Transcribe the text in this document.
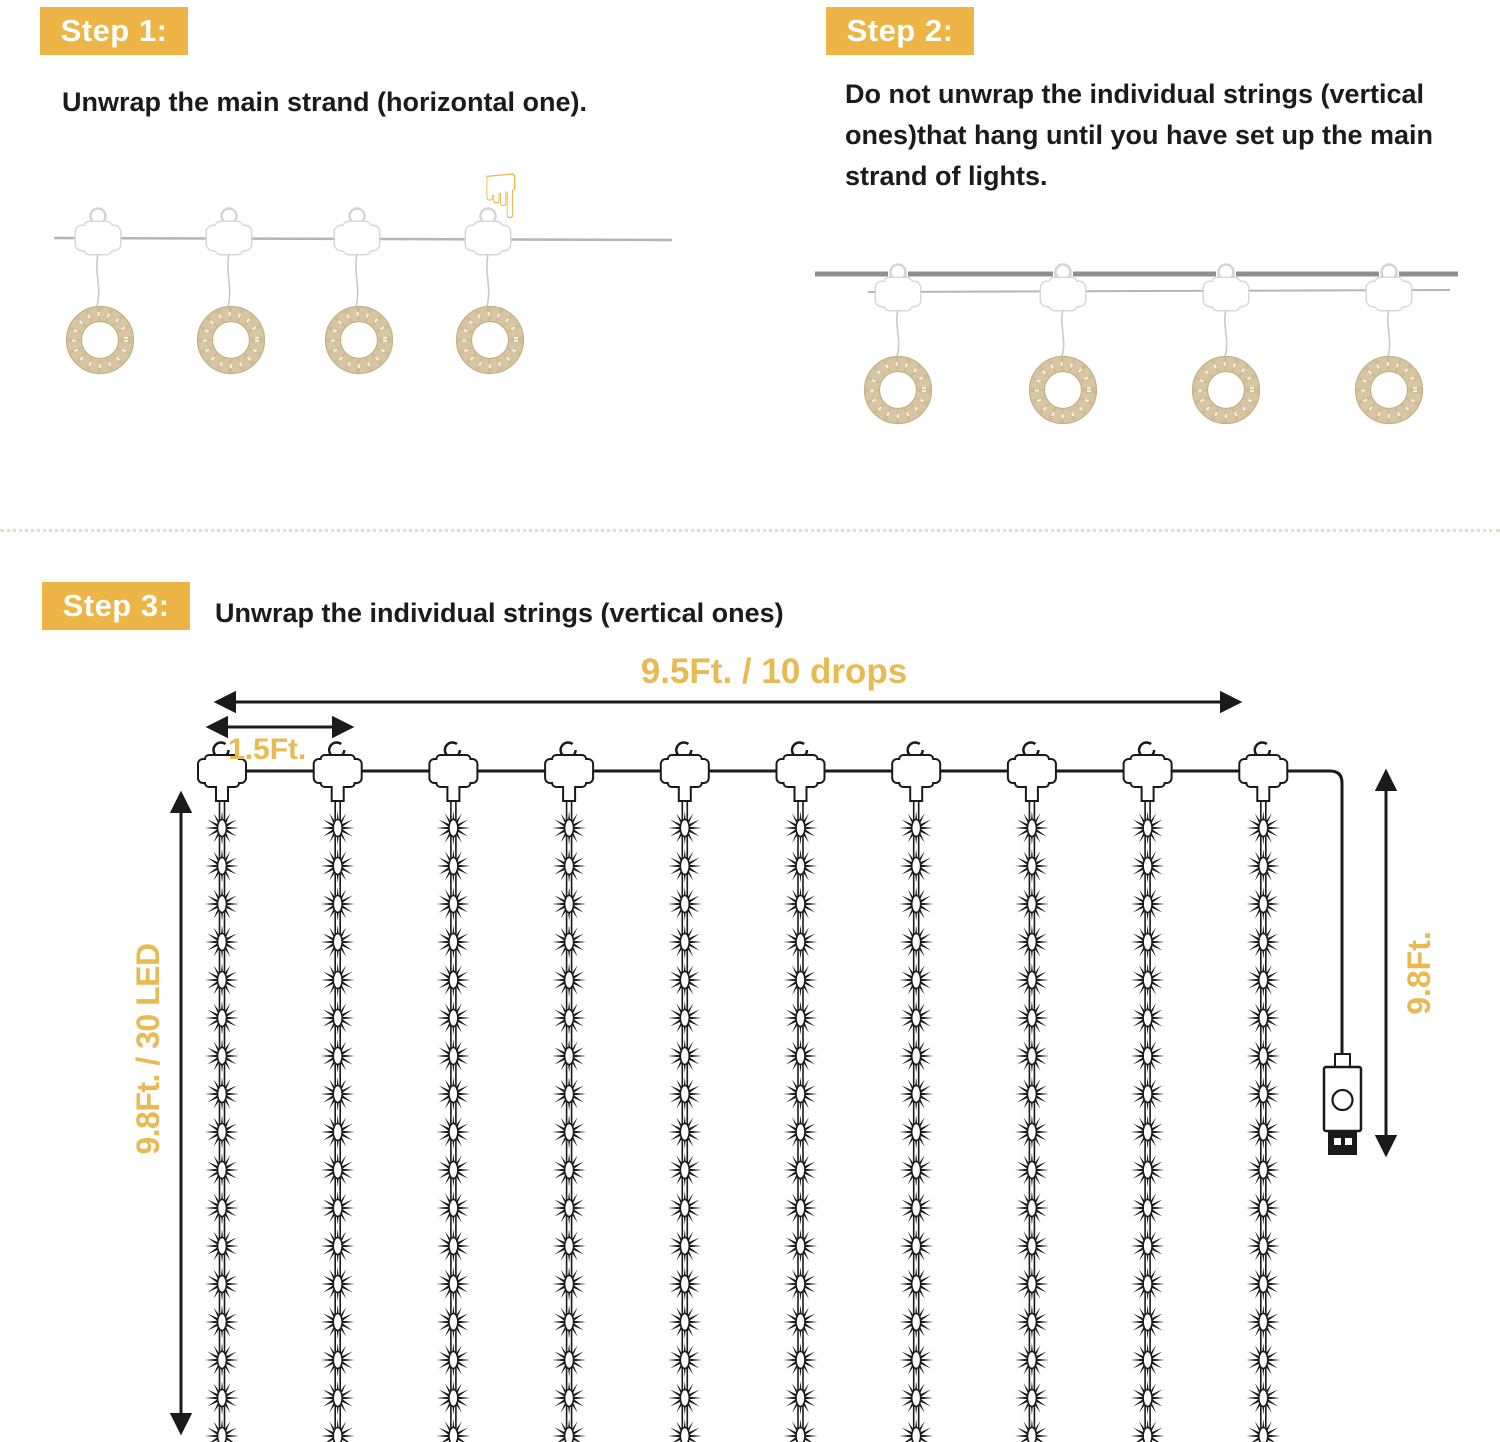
Step 1:
Unwrap the main strand (horizontal one).
☟
Step 2:
Do not unwrap the individual strings (vertical ones)that hang until you have set up the main strand of lights.
Step 3:	Unwrap the individual strings (vertical ones)
9.5Ft. / 10 drops
1.5Ft.
9.8Ft. / 30 LED	9.8Ft.
